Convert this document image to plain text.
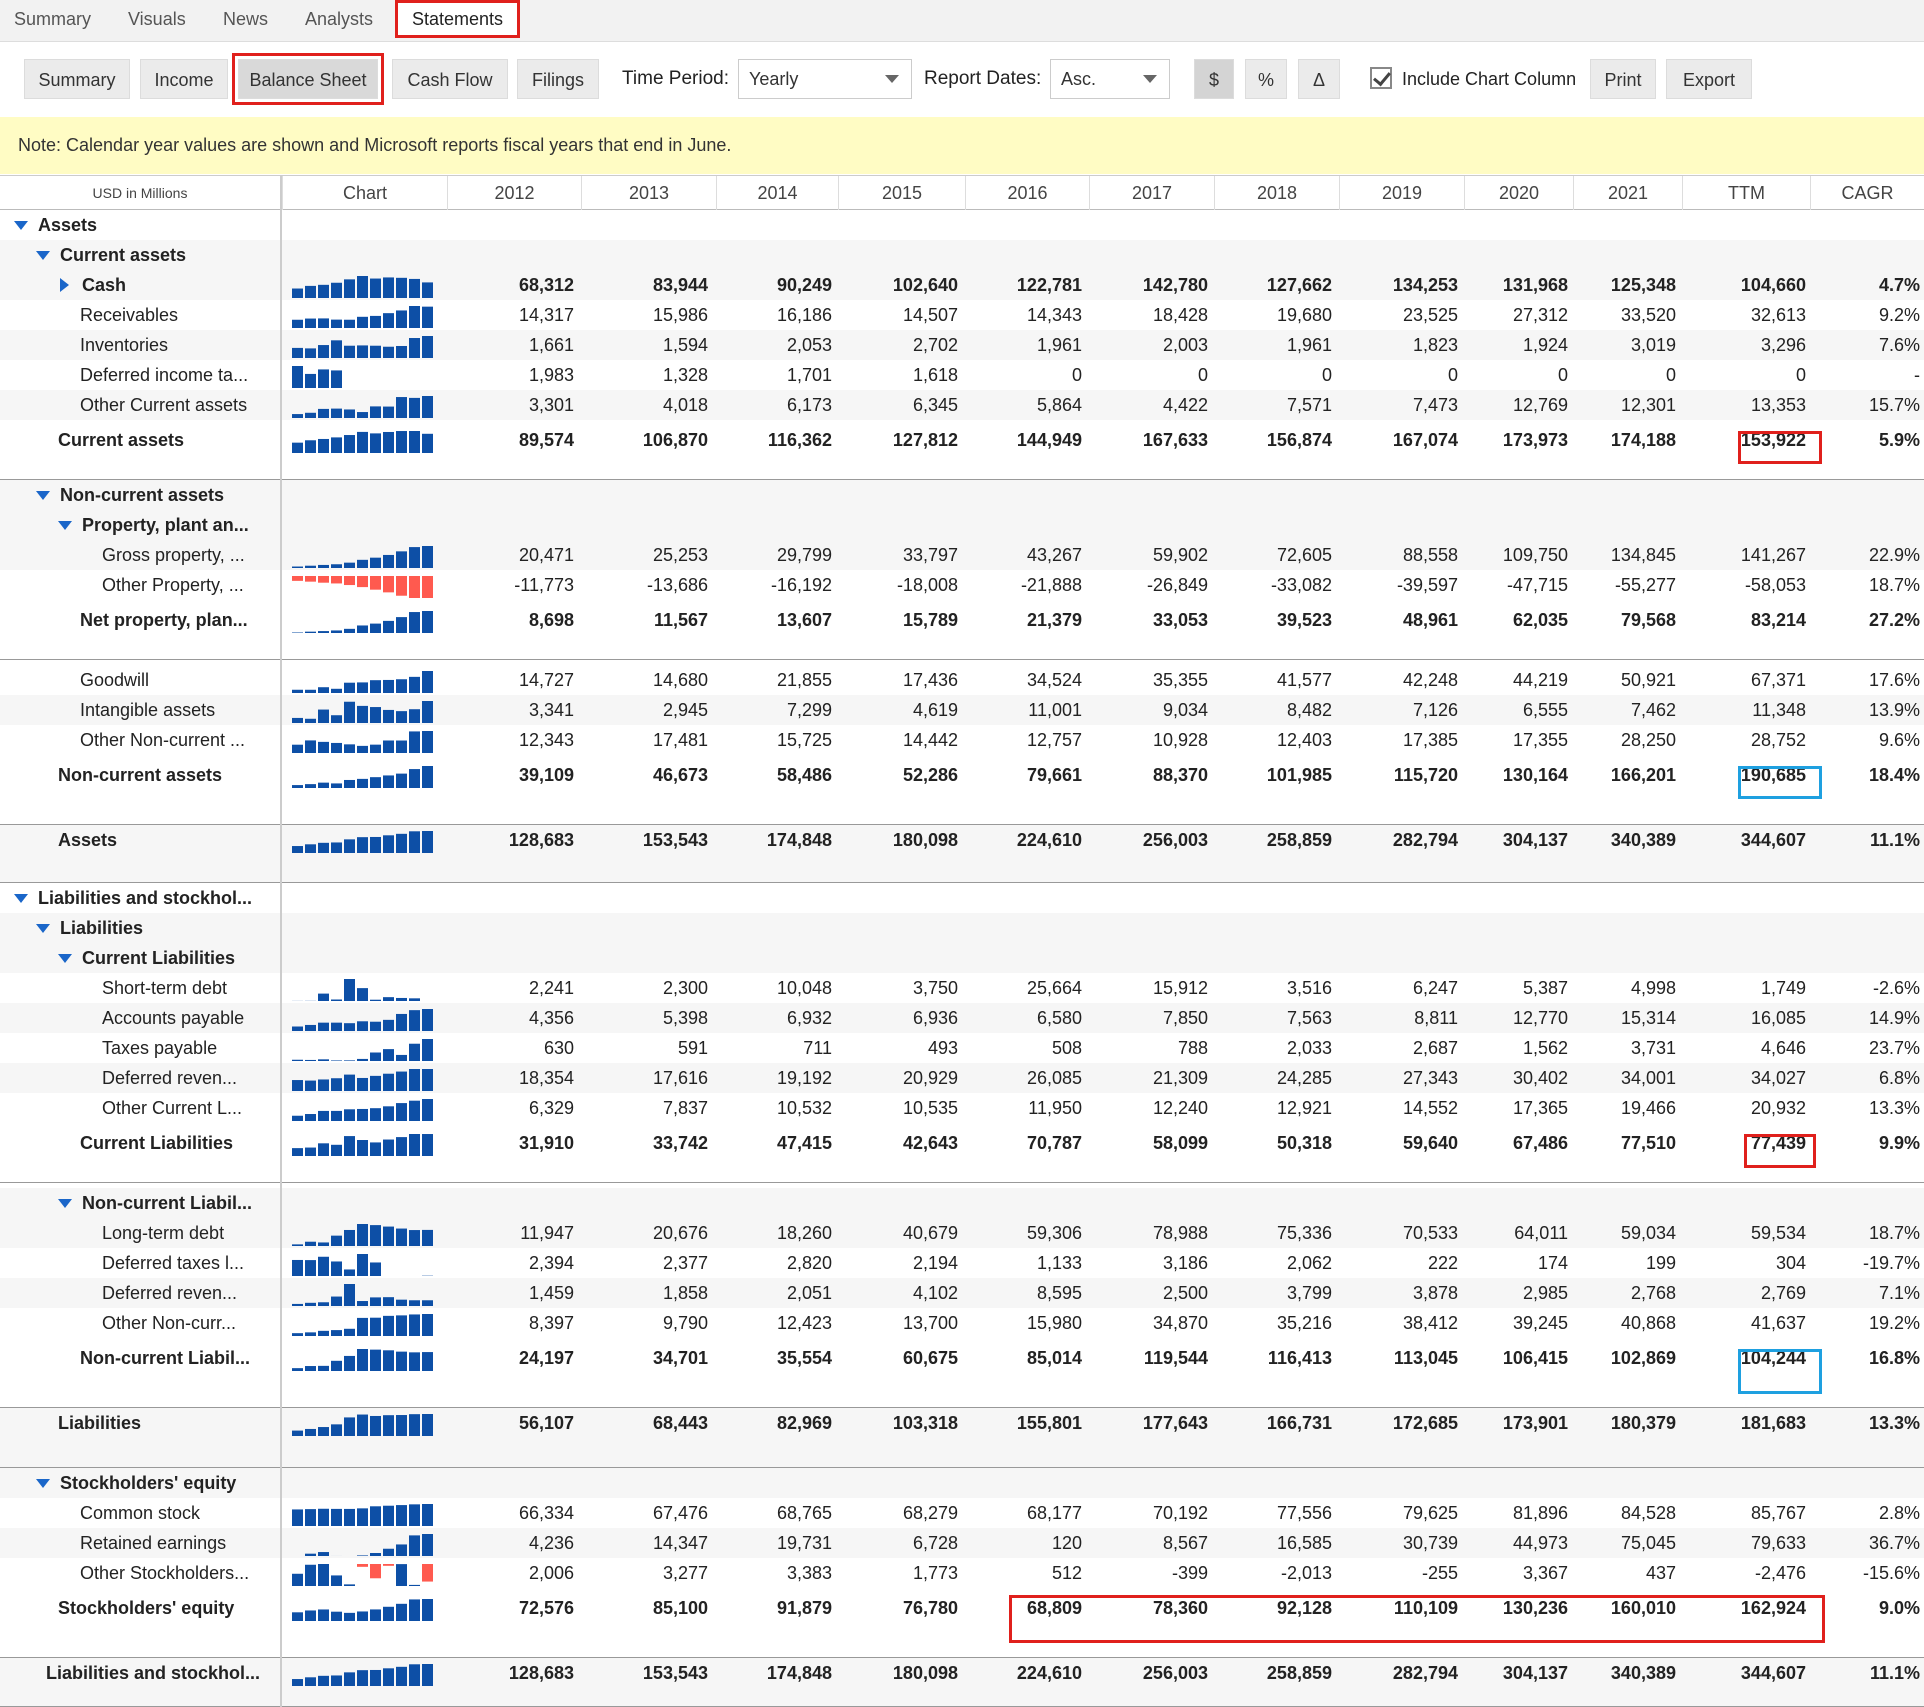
Summary	Visuals	News	Analysts	Statements
Summary	Income	Balance Sheet	Cash Flow	Filings	Time Period:	Yearly	Report Dates:	Asc.	$	%	Δ	Include Chart Column	Print	Export
Note: Calendar year values are shown and Microsoft reports fiscal years that end in June.
USD in Millions	Chart	2012	2013	2014	2015	2016	2017	2018	2019	2020	2021	TTM	CAGR
Assets
Current assets
Cash	68,312	83,944	90,249	102,640	122,781	142,780	127,662	134,253	131,968	125,348	104,660	4.7%
Receivables	14,317	15,986	16,186	14,507	14,343	18,428	19,680	23,525	27,312	33,520	32,613	9.2%
Inventories	1,661	1,594	2,053	2,702	1,961	2,003	1,961	1,823	1,924	3,019	3,296	7.6%
Deferred income ta...	1,983	1,328	1,701	1,618	0	0	0	0	0	0	0	-
Other Current assets	3,301	4,018	6,173	6,345	5,864	4,422	7,571	7,473	12,769	12,301	13,353	15.7%
Current assets	89,574	106,870	116,362	127,812	144,949	167,633	156,874	167,074	173,973	174,188	153,922	5.9%
Non-current assets
Property, plant an...
Gross property, ...	20,471	25,253	29,799	33,797	43,267	59,902	72,605	88,558	109,750	134,845	141,267	22.9%
Other Property, ...	-11,773	-13,686	-16,192	-18,008	-21,888	-26,849	-33,082	-39,597	-47,715	-55,277	-58,053	18.7%
Net property, plan...	8,698	11,567	13,607	15,789	21,379	33,053	39,523	48,961	62,035	79,568	83,214	27.2%
Goodwill	14,727	14,680	21,855	17,436	34,524	35,355	41,577	42,248	44,219	50,921	67,371	17.6%
Intangible assets	3,341	2,945	7,299	4,619	11,001	9,034	8,482	7,126	6,555	7,462	11,348	13.9%
Other Non-current ...	12,343	17,481	15,725	14,442	12,757	10,928	12,403	17,385	17,355	28,250	28,752	9.6%
Non-current assets	39,109	46,673	58,486	52,286	79,661	88,370	101,985	115,720	130,164	166,201	190,685	18.4%
Assets	128,683	153,543	174,848	180,098	224,610	256,003	258,859	282,794	304,137	340,389	344,607	11.1%
Liabilities and stockhol...
Liabilities
Current Liabilities
Short-term debt	2,241	2,300	10,048	3,750	25,664	15,912	3,516	6,247	5,387	4,998	1,749	-2.6%
Accounts payable	4,356	5,398	6,932	6,936	6,580	7,850	7,563	8,811	12,770	15,314	16,085	14.9%
Taxes payable	630	591	711	493	508	788	2,033	2,687	1,562	3,731	4,646	23.7%
Deferred reven...	18,354	17,616	19,192	20,929	26,085	21,309	24,285	27,343	30,402	34,001	34,027	6.8%
Other Current L...	6,329	7,837	10,532	10,535	11,950	12,240	12,921	14,552	17,365	19,466	20,932	13.3%
Current Liabilities	31,910	33,742	47,415	42,643	70,787	58,099	50,318	59,640	67,486	77,510	77,439	9.9%
Non-current Liabil...
Long-term debt	11,947	20,676	18,260	40,679	59,306	78,988	75,336	70,533	64,011	59,034	59,534	18.7%
Deferred taxes l...	2,394	2,377	2,820	2,194	1,133	3,186	2,062	222	174	199	304	-19.7%
Deferred reven...	1,459	1,858	2,051	4,102	8,595	2,500	3,799	3,878	2,985	2,768	2,769	7.1%
Other Non-curr...	8,397	9,790	12,423	13,700	15,980	34,870	35,216	38,412	39,245	40,868	41,637	19.2%
Non-current Liabil...	24,197	34,701	35,554	60,675	85,014	119,544	116,413	113,045	106,415	102,869	104,244	16.8%
Liabilities	56,107	68,443	82,969	103,318	155,801	177,643	166,731	172,685	173,901	180,379	181,683	13.3%
Stockholders' equity
Common stock	66,334	67,476	68,765	68,279	68,177	70,192	77,556	79,625	81,896	84,528	85,767	2.8%
Retained earnings	4,236	14,347	19,731	6,728	120	8,567	16,585	30,739	44,973	75,045	79,633	36.7%
Other Stockholders...	2,006	3,277	3,383	1,773	512	-399	-2,013	-255	3,367	437	-2,476	-15.6%
Stockholders' equity	72,576	85,100	91,879	76,780	68,809	78,360	92,128	110,109	130,236	160,010	162,924	9.0%
Liabilities and stockhol...	128,683	153,543	174,848	180,098	224,610	256,003	258,859	282,794	304,137	340,389	344,607	11.1%
